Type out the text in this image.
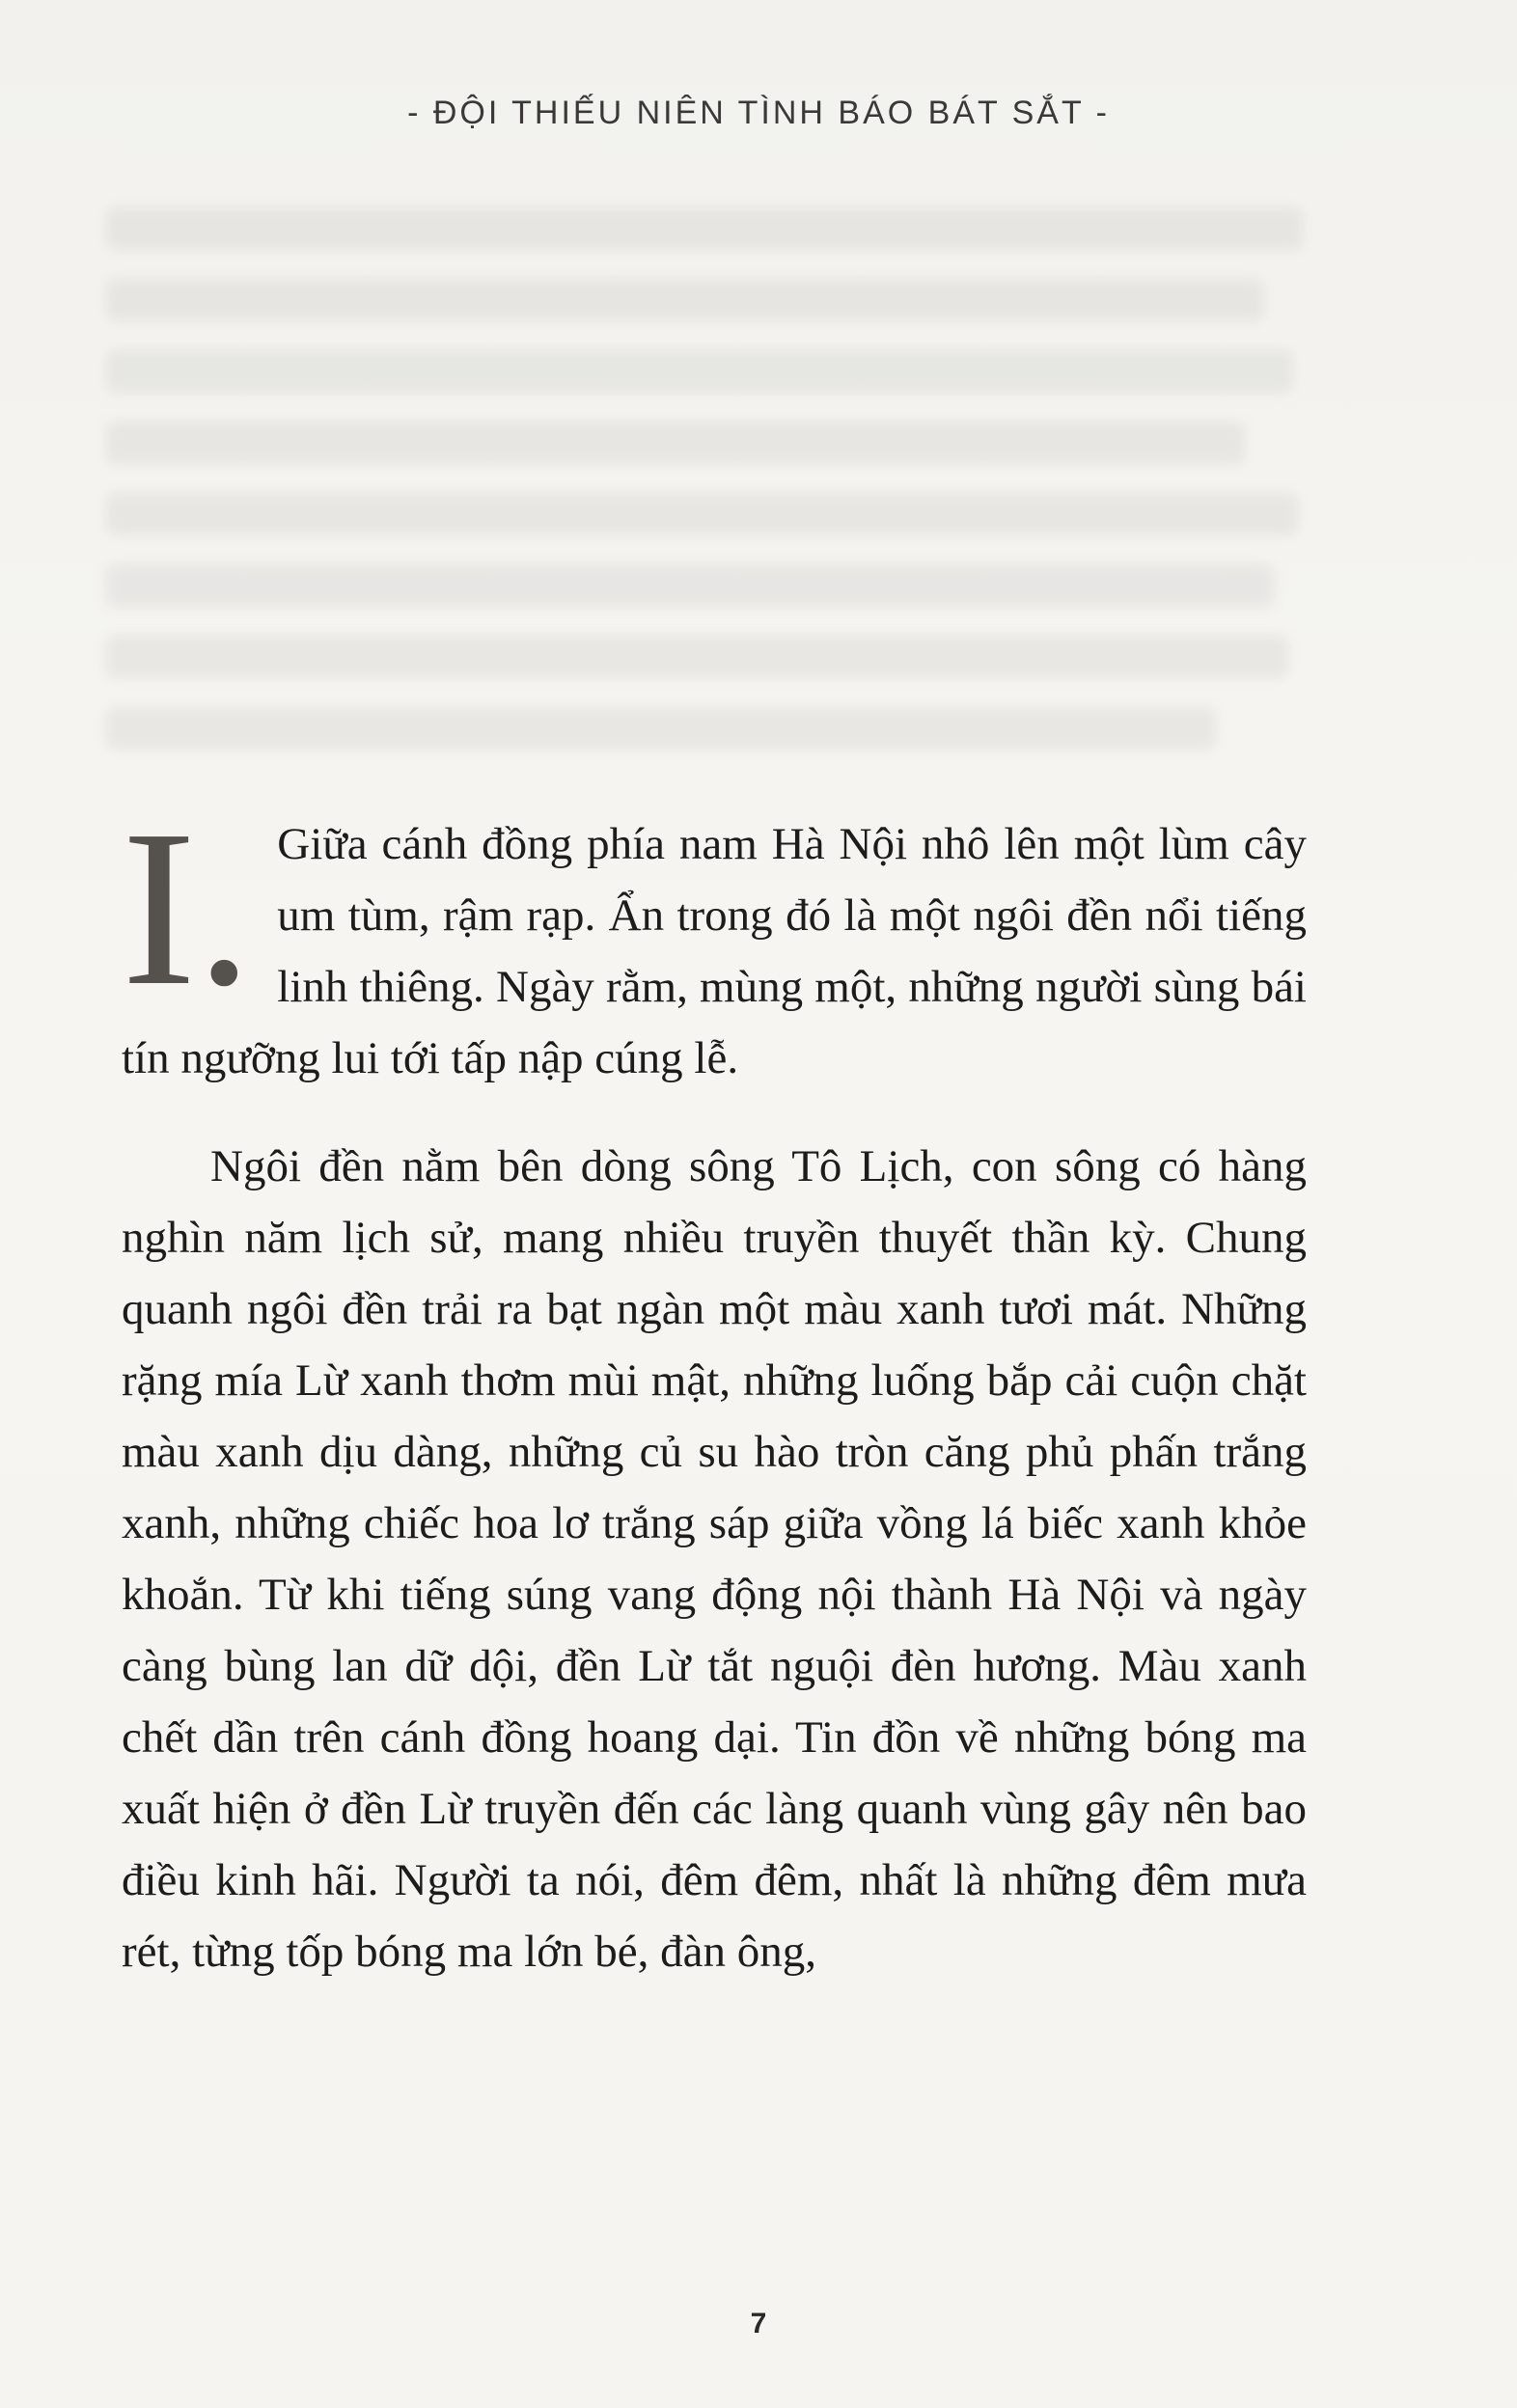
- ĐỘI THIẾU NIÊN TÌNH BÁO BÁT SẮT -

I. Giữa cánh đồng phía nam Hà Nội nhô lên một lùm cây um tùm, rậm rạp. Ẩn trong đó là một ngôi đền nổi tiếng linh thiêng. Ngày rằm, mùng một, những người sùng bái tín ngưỡng lui tới tấp nập cúng lễ.

Ngôi đền nằm bên dòng sông Tô Lịch, con sông có hàng nghìn năm lịch sử, mang nhiều truyền thuyết thần kỳ. Chung quanh ngôi đền trải ra bạt ngàn một màu xanh tươi mát. Những rặng mía Lừ xanh thơm mùi mật, những luống bắp cải cuộn chặt màu xanh dịu dàng, những củ su hào tròn căng phủ phấn trắng xanh, những chiếc hoa lơ trắng sáp giữa vồng lá biếc xanh khỏe khoắn. Từ khi tiếng súng vang động nội thành Hà Nội và ngày càng bùng lan dữ dội, đền Lừ tắt nguội đèn hương. Màu xanh chết dần trên cánh đồng hoang dại. Tin đồn về những bóng ma xuất hiện ở đền Lừ truyền đến các làng quanh vùng gây nên bao điều kinh hãi. Người ta nói, đêm đêm, nhất là những đêm mưa rét, từng tốp bóng ma lớn bé, đàn ông,

7
